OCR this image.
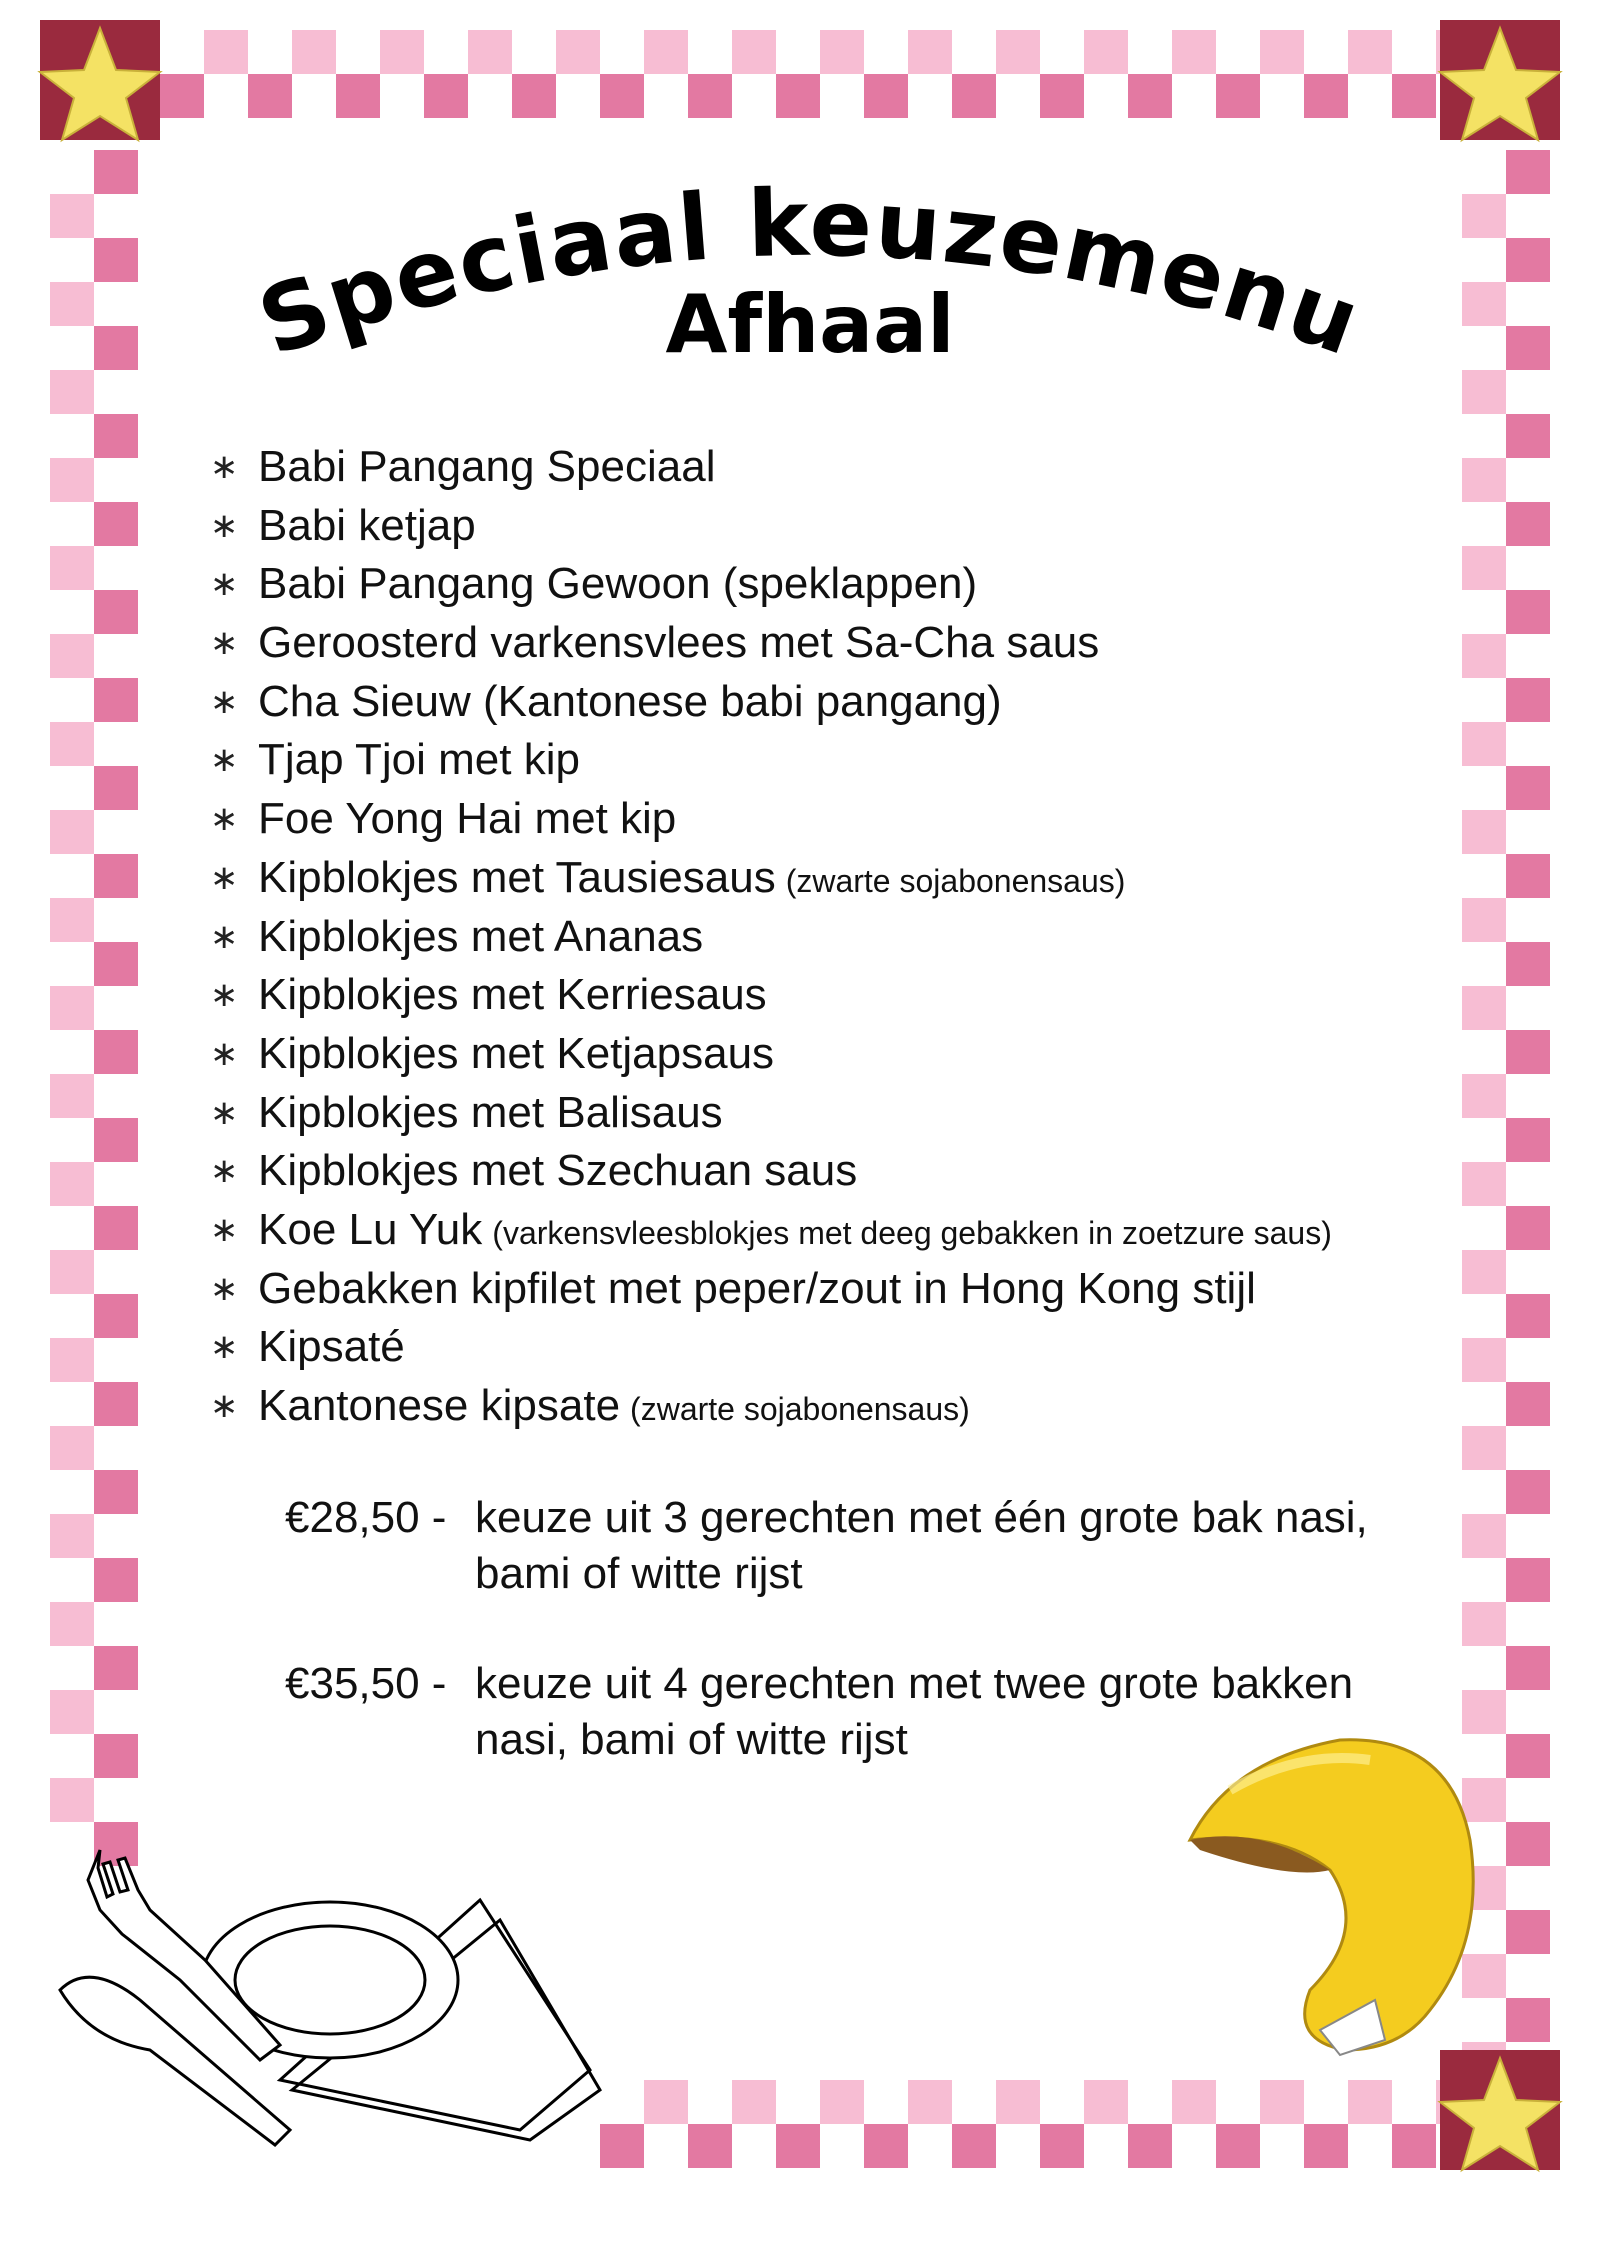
Speciaal keuzemenu
Afhaal
∗ Babi Pangang Speciaal
∗ Babi ketjap
∗ Babi Pangang Gewoon (speklappen)
∗ Geroosterd varkensvlees met Sa-Cha saus
∗ Cha Sieuw (Kantonese babi pangang)
∗ Tjap Tjoi met kip
∗ Foe Yong Hai met kip
∗ Kipblokjes met Tausiesaus (zwarte sojabonensaus)
∗ Kipblokjes met Ananas
∗ Kipblokjes met Kerriesaus
∗ Kipblokjes met Ketjapsaus
∗ Kipblokjes met Balisaus
∗ Kipblokjes met Szechuan saus
∗ Koe Lu Yuk (varkensvleesblokjes met deeg gebakken in zoetzure saus)
∗ Gebakken kipfilet met peper/zout in Hong Kong stijl
∗ Kipsaté
∗ Kantonese kipsate (zwarte sojabonensaus)
€28,50 - keuze uit 3 gerechten met één grote bak nasi, bami of witte rijst
€35,50 - keuze uit 4 gerechten met twee grote bakken nasi, bami of witte rijst
